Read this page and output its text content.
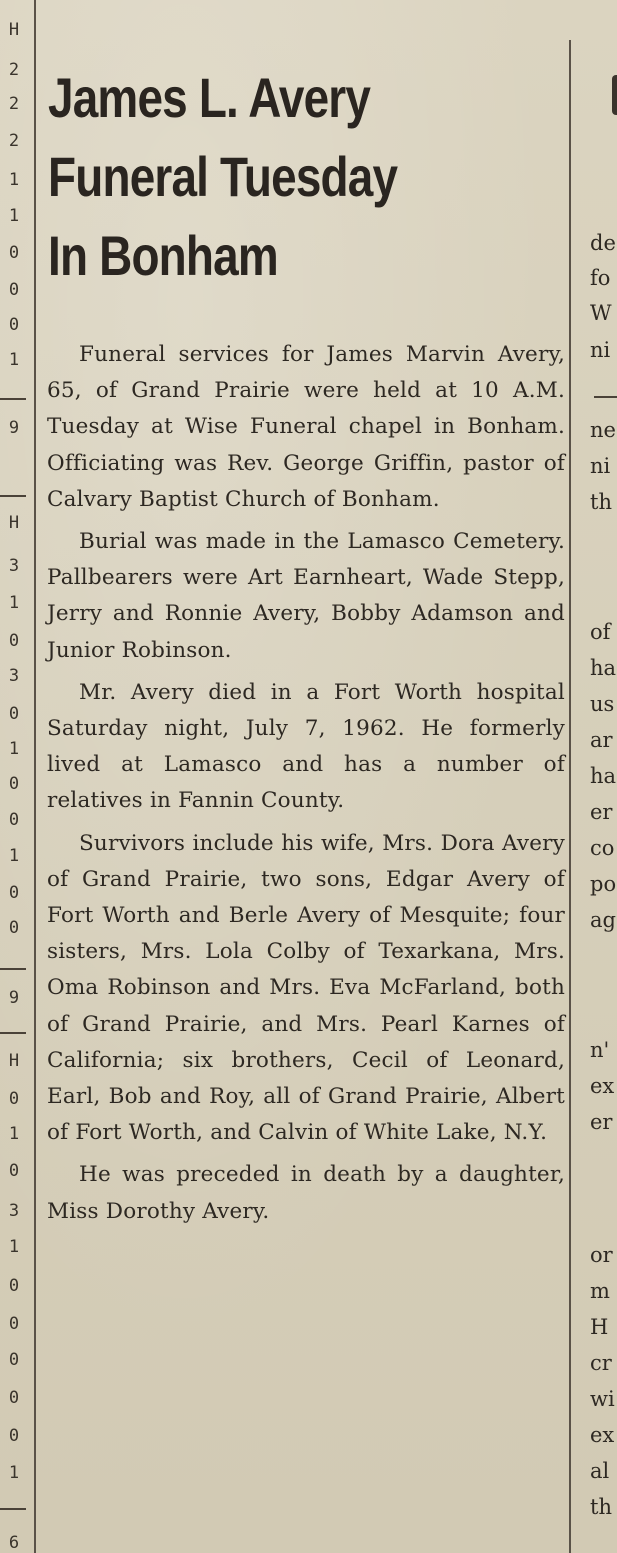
H
2
2
2
1
1
0
0
0
1
9
H
3
1
0
3
0
1
0
0
1
0
0
9
H
0
1
0
3
1
0
0
0
0
0
1
6
James L. Avery
Funeral Tuesday
In Bonham

Funeral services for James Marvin Avery, 65, of Grand Prairie were held at 10 A.M. Tuesday at Wise Funeral chapel in Bonham. Officiating was Rev. George Griffin, pastor of Calvary Baptist Church of Bonham.

Burial was made in the Lamasco Cemetery. Pallbearers were Art Earnheart, Wade Stepp, Jerry and Ronnie Avery, Bobby Adamson and Junior Robinson.

Mr. Avery died in a Fort Worth hospital Saturday night, July 7, 1962. He formerly lived at Lamasco and has a number of relatives in Fannin County.

Survivors include his wife, Mrs. Dora Avery of Grand Prairie, two sons, Edgar Avery of Fort Worth and Berle Avery of Mesquite; four sisters, Mrs. Lola Colby of Texarkana, Mrs. Oma Robinson and Mrs. Eva McFarland, both of Grand Prairie, and Mrs. Pearl Karnes of California; six brothers, Cecil of Leonard, Earl, Bob and Roy, all of Grand Prairie, Albert of Fort Worth, and Calvin of White Lake, N.Y.

He was preceded in death by a daughter, Miss Dorothy Avery.

de
fo
W
ni
ne
ni
th
of
ha
us
ar
ha
er
co
po
ag
n'
ex
er
or
m
H
cr
wi
ex
al
th
